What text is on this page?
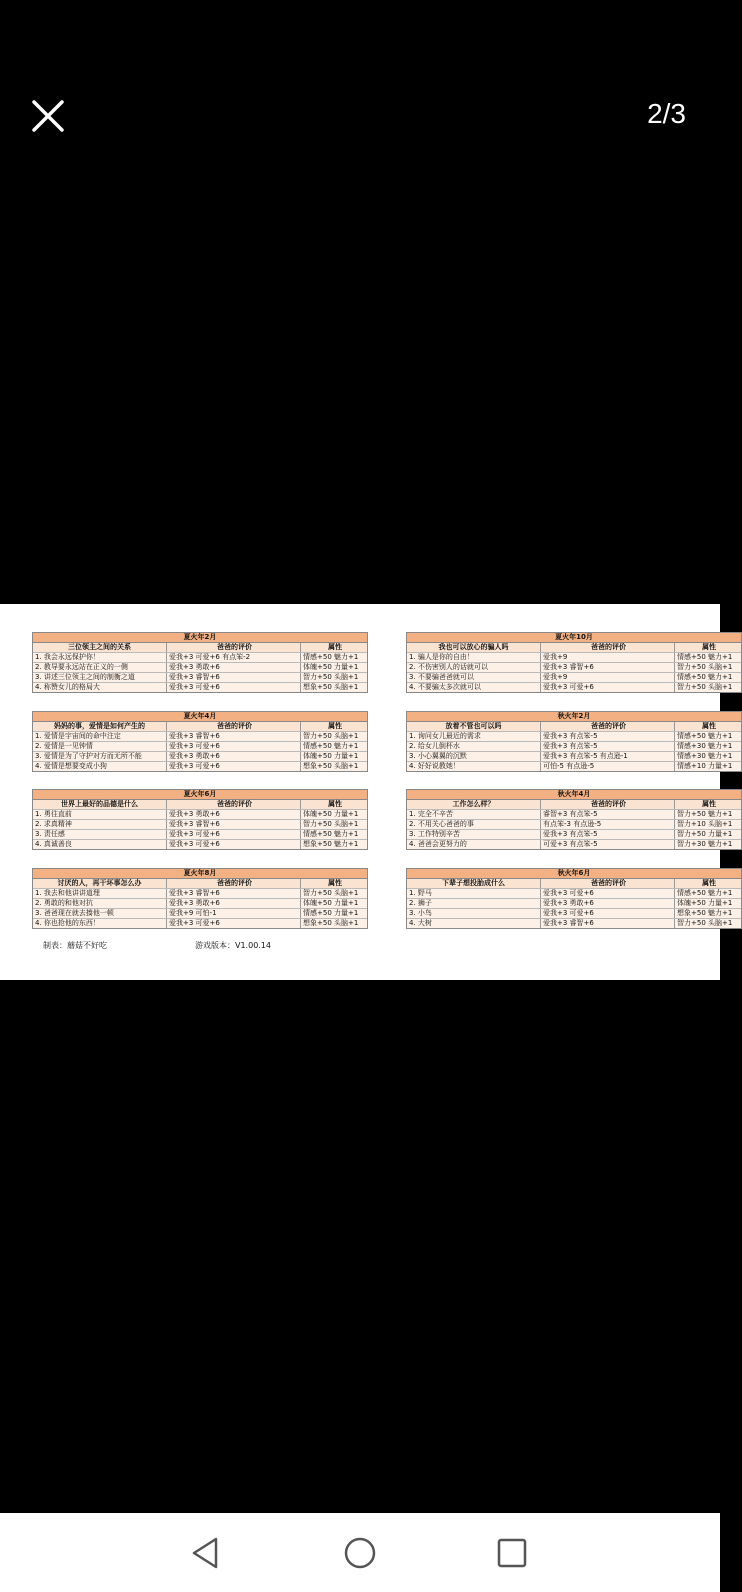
2/3
夏火年2月
三位领主之间的关系	爸爸的评价	属性
1. 我会永远保护你！	爱我+3 可爱+6 有点笨-2	情感+50 魅力+1
2. 教导要永远站在正义的一侧	爱我+3 勇敢+6	体魄+50 力量+1
3. 讲述三位领主之间的制衡之道	爱我+3 睿智+6	智力+50 头脑+1
4. 称赞女儿的格局大	爱我+3 可爱+6	想象+50 头脑+1
夏火年10月
我也可以放心的骗人吗	爸爸的评价	属性
1. 骗人是你的自由！	爱我+9	情感+50 魅力+1
2. 不伤害别人的话就可以	爱我+3 睿智+6	智力+50 头脑+1
3. 不要骗爸爸就可以	爱我+9	情感+50 魅力+1
4. 不要骗太多次就可以	爱我+3 可爱+6	智力+50 头脑+1
夏火年4月
妈妈的事，爱情是如何产生的	爸爸的评价	属性
1. 爱情是宇宙间的命中注定	爱我+3 睿智+6	智力+50 头脑+1
2. 爱情是一见钟情	爱我+3 可爱+6	情感+50 魅力+1
3. 爱情是为了守护对方而无所不能	爱我+3 勇敢+6	体魄+50 力量+1
4. 爱情是想要变成小狗	爱我+3 可爱+6	想象+50 头脑+1
秋火年2月
放着不管也可以吗	爸爸的评价	属性
1. 询问女儿最近的需求	爱我+3 有点笨-5	情感+50 魅力+1
2. 给女儿倒杯水	爱我+3 有点笨-5	情感+30 魅力+1
3. 小心翼翼的沉默	爱我+3 有点笨-5 有点逊-1	情感+30 魅力+1
4. 好好说教她！	可怕-5 有点逊-5	情感+10 力量+1
夏火年6月
世界上最好的品德是什么	爸爸的评价	属性
1. 勇往直前	爱我+3 勇敢+6	体魄+50 力量+1
2. 求真精神	爱我+3 睿智+6	智力+50 头脑+1
3. 责任感	爱我+3 可爱+6	情感+50 魅力+1
4. 真诚善良	爱我+3 可爱+6	想象+50 魅力+1
秋火年4月
工作怎么样？	爸爸的评价	属性
1. 完全不辛苦	睿智+3 有点笨-5	智力+50 魅力+1
2. 不用关心爸爸的事	有点笨-3 有点逊-5	智力+10 头脑+1
3. 工作特别辛苦	爱我+3 有点笨-5	智力+50 力量+1
4. 爸爸会更努力的	可爱+3 有点笨-5	智力+30 魅力+1
夏火年8月
讨厌的人，再干坏事怎么办	爸爸的评价	属性
1. 我去和他讲讲道理	爱我+3 睿智+6	智力+50 头脑+1
2. 勇敢的和他对抗	爱我+3 勇敢+6	体魄+50 力量+1
3. 爸爸现在就去揍他一顿	爱我+9 可怕-1	情感+50 力量+1
4. 你也抢他的东西！	爱我+3 可爱+6	想象+50 头脑+1
秋火年6月
下辈子想投胎成什么	爸爸的评价	属性
1. 野马	爱我+3 可爱+6	情感+50 魅力+1
2. 狮子	爱我+3 勇敢+6	体魄+50 力量+1
3. 小鸟	爱我+3 可爱+6	想象+50 魅力+1
4. 大树	爱我+3 睿智+6	智力+50 头脑+1
制表：蘑菇不好吃	游戏版本：V1.00.14
